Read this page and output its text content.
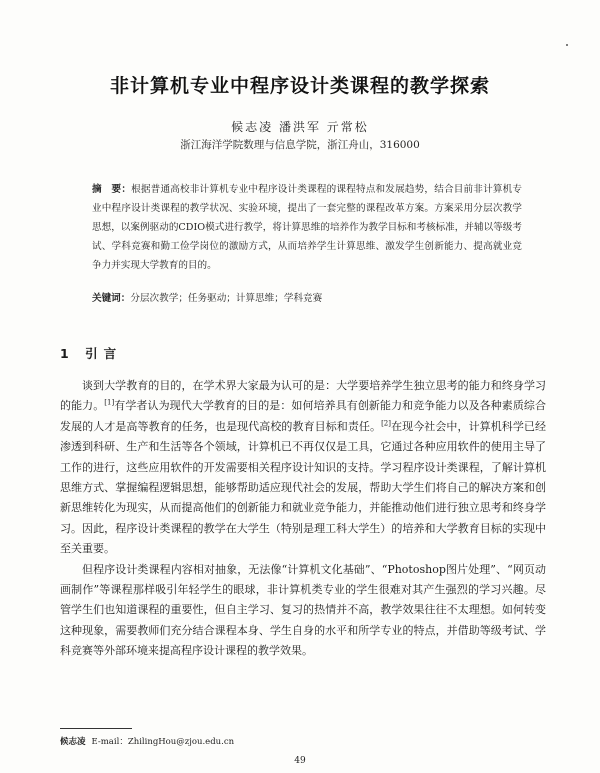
非计算机专业中程序设计类课程的教学探索
候志凌 潘洪军 亓常松
浙江海洋学院数理与信息学院，浙江舟山，316000
摘　要：根据普通高校非计算机专业中程序设计类课程的课程特点和发展趋势，结合目前非计算机专业中程序设计类课程的教学状况、实验环境，提出了一套完整的课程改革方案。方案采用分层次教学思想，以案例驱动的CDIO模式进行教学，将计算思维的培养作为教学目标和考核标准，并辅以等级考试、学科竞赛和勤工俭学岗位的激励方式，从而培养学生计算思维、激发学生创新能力、提高就业竞争力并实现大学教育的目的。
关键词：分层次教学；任务驱动；计算思维；学科竞赛
1 引言

谈到大学教育的目的，在学术界大家最为认可的是：大学要培养学生独立思考的能力和终身学习的能力。[1]有学者认为现代大学教育的目的是：如何培养具有创新能力和竞争能力以及各种素质综合发展的人才是高等教育的任务，也是现代高校的教育目标和责任。[2]在现今社会中，计算机科学已经渗透到科研、生产和生活等各个领域，计算机已不再仅仅是工具，它通过各种应用软件的使用主导了工作的进行，这些应用软件的开发需要相关程序设计知识的支持。学习程序设计类课程，了解计算机思维方式、掌握编程逻辑思想，能够帮助适应现代社会的发展，帮助大学生们将自己的解决方案和创新思维转化为现实，从而提高他们的创新能力和就业竞争能力，并能推动他们进行独立思考和终身学习。因此，程序设计类课程的教学在大学生（特别是理工科大学生）的培养和大学教育目标的实现中至关重要。

但程序设计类课程内容相对抽象，无法像“计算机文化基础”、“Photoshop图片处理”、“网页动画制作”等课程那样吸引年轻学生的眼球，非计算机类专业的学生很难对其产生强烈的学习兴趣。尽管学生们也知道课程的重要性，但自主学习、复习的热情并不高，教学效果往往不太理想。如何转变这种现象，需要教师们充分结合课程本身、学生自身的水平和所学专业的特点，并借助等级考试、学科竞赛等外部环境来提高程序设计课程的教学效果。

候志凌 E-mail：ZhilingHou@zjou.edu.cn
49
